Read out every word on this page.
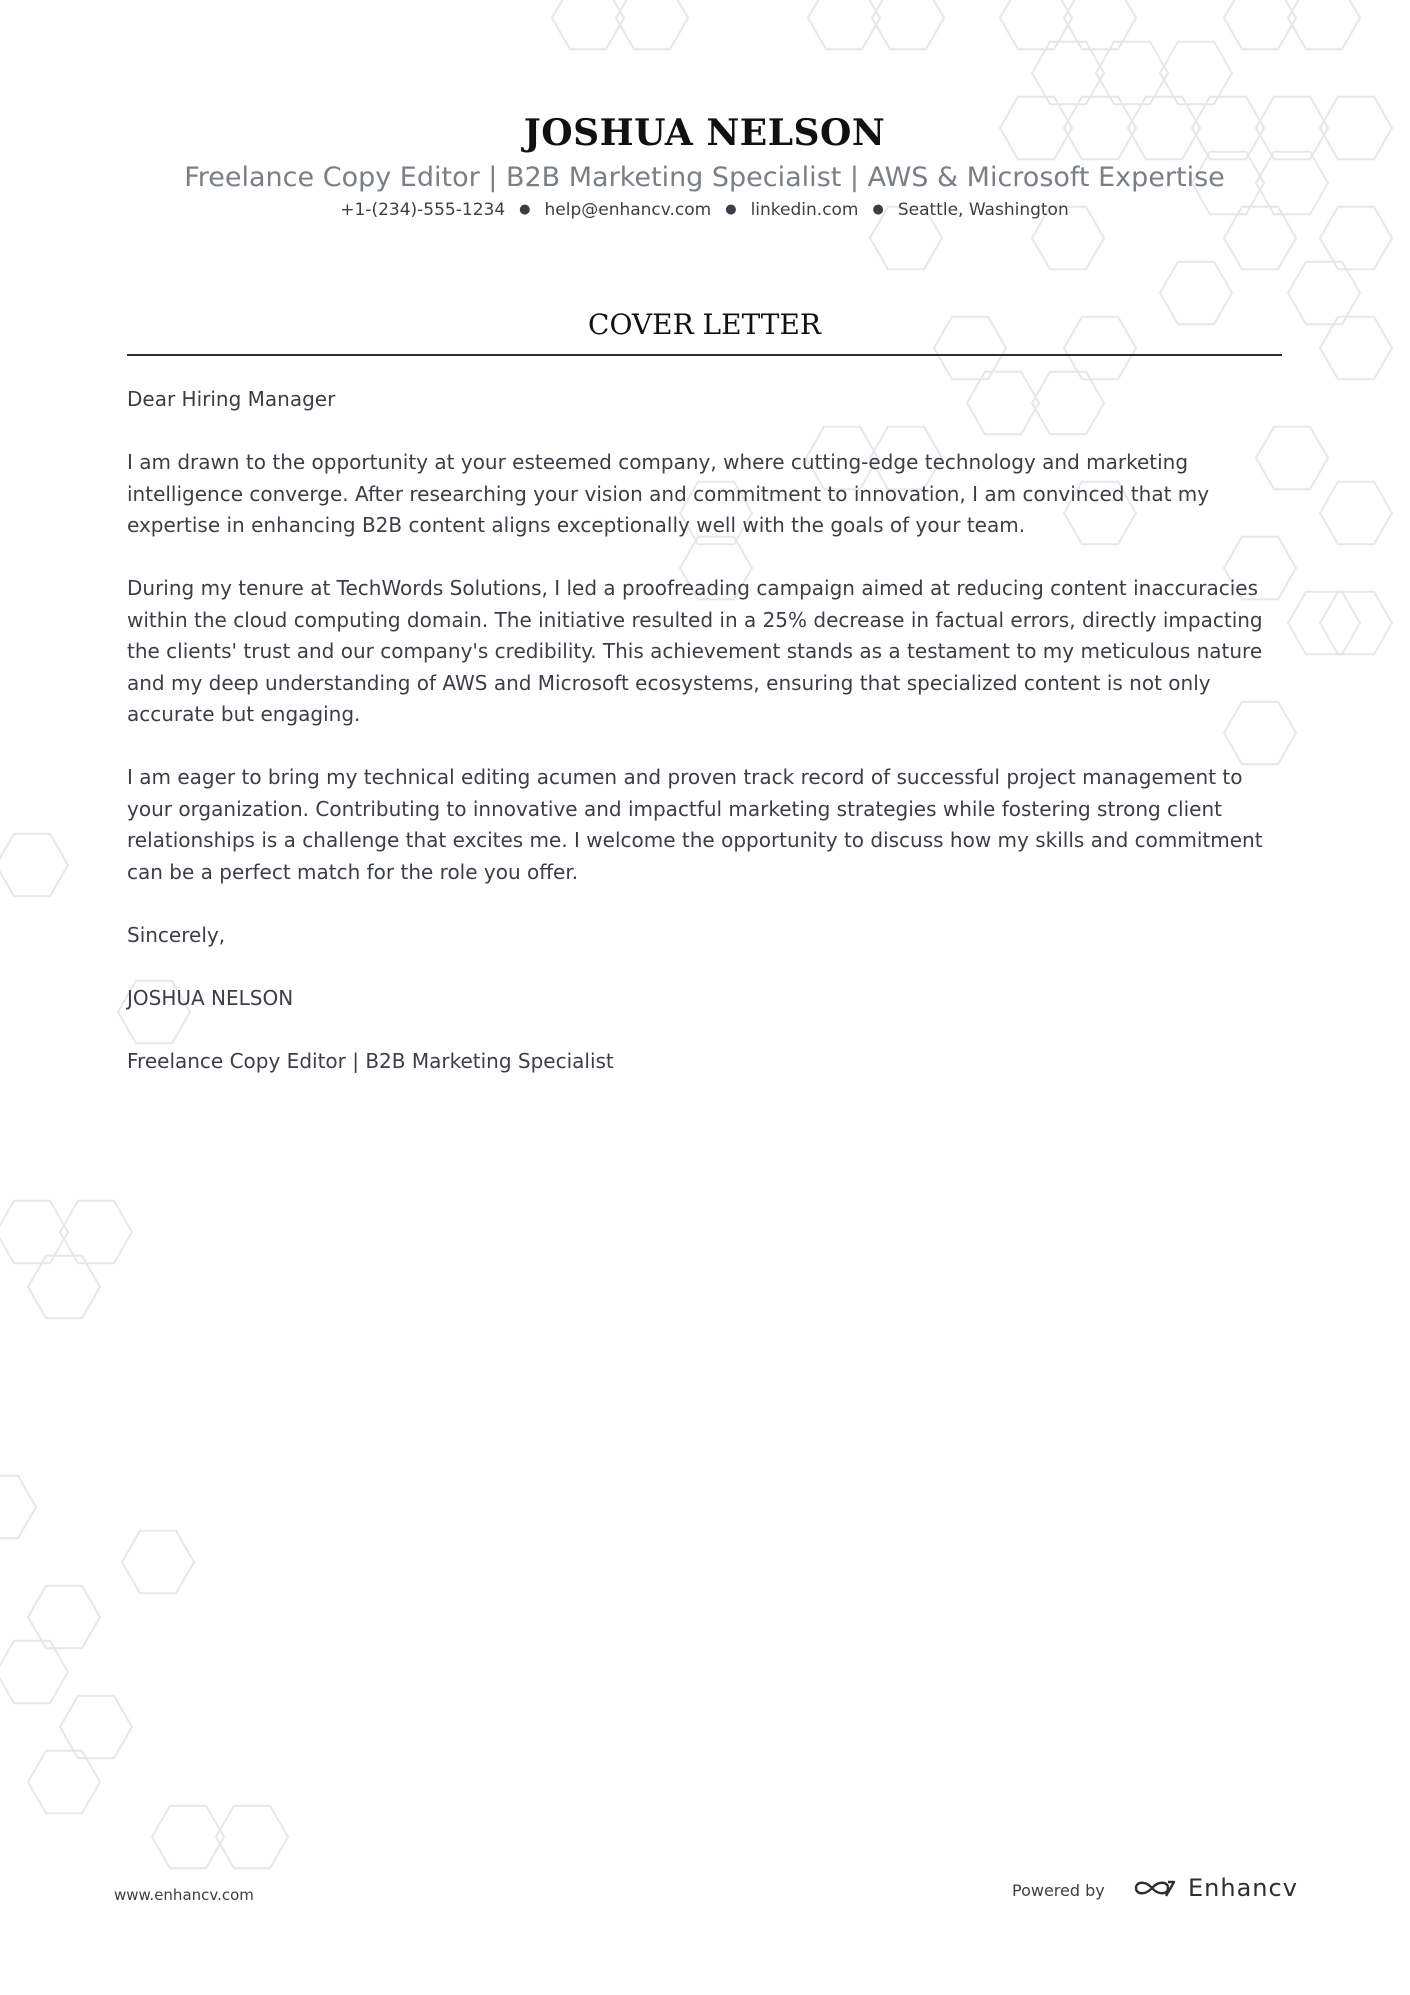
JOSHUA NELSON
Freelance Copy Editor | B2B Marketing Specialist | AWS & Microsoft Expertise
+1-(234)-555-1234 ● help@enhancv.com ● linkedin.com ● Seattle, Washington
COVER LETTER

Dear Hiring Manager

I am drawn to the opportunity at your esteemed company, where cutting-edge technology and marketing intelligence converge. After researching your vision and commitment to innovation, I am convinced that my expertise in enhancing B2B content aligns exceptionally well with the goals of your team.

During my tenure at TechWords Solutions, I led a proofreading campaign aimed at reducing content inaccuracies within the cloud computing domain. The initiative resulted in a 25% decrease in factual errors, directly impacting the clients' trust and our company's credibility. This achievement stands as a testament to my meticulous nature and my deep understanding of AWS and Microsoft ecosystems, ensuring that specialized content is not only accurate but engaging.

I am eager to bring my technical editing acumen and proven track record of successful project management to your organization. Contributing to innovative and impactful marketing strategies while fostering strong client relationships is a challenge that excites me. I welcome the opportunity to discuss how my skills and commitment can be a perfect match for the role you offer.

Sincerely,

JOSHUA NELSON

Freelance Copy Editor | B2B Marketing Specialist

www.enhancv.com	Powered by	Enhancv
